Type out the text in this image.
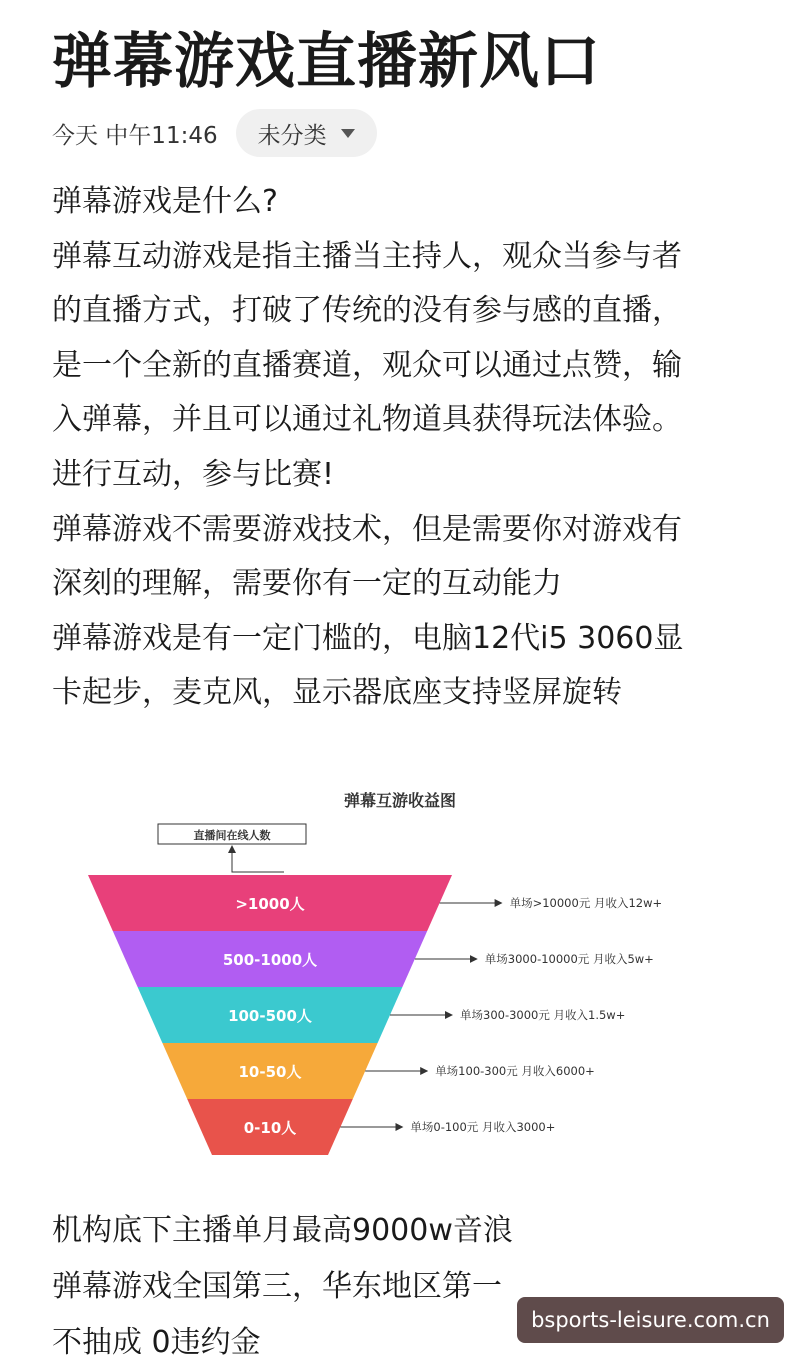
弹幕游戏直播新风口
今天 中午11:46 未分类

弹幕游戏是什么?

弹幕互动游戏是指主播当主持人，观众当参与者

的直播方式，打破了传统的没有参与感的直播，

是一个全新的直播赛道，观众可以通过点赞，输

入弹幕，并且可以通过礼物道具获得玩法体验。

进行互动，参与比赛!

弹幕游戏不需要游戏技术，但是需要你对游戏有

深刻的理解，需要你有一定的互动能力

弹幕游戏是有一定门槛的，电脑12代i5 3060显

卡起步，麦克风，显示器底座支持竖屏旋转

弹幕互游收益图
直播间在线人数
>1000人	单场>10000元 月收入12w+
500-1000人	单场3000-10000元 月收入5w+
100-500人	单场300-3000元 月收入1.5w+
10-50人	单场100-300元 月收入6000+
0-10人	单场0-100元 月收入3000+

机构底下主播单月最高9000w音浪

弹幕游戏全国第三，华东地区第一

不抽成 0违约金

bsports-leisure.com.cn
